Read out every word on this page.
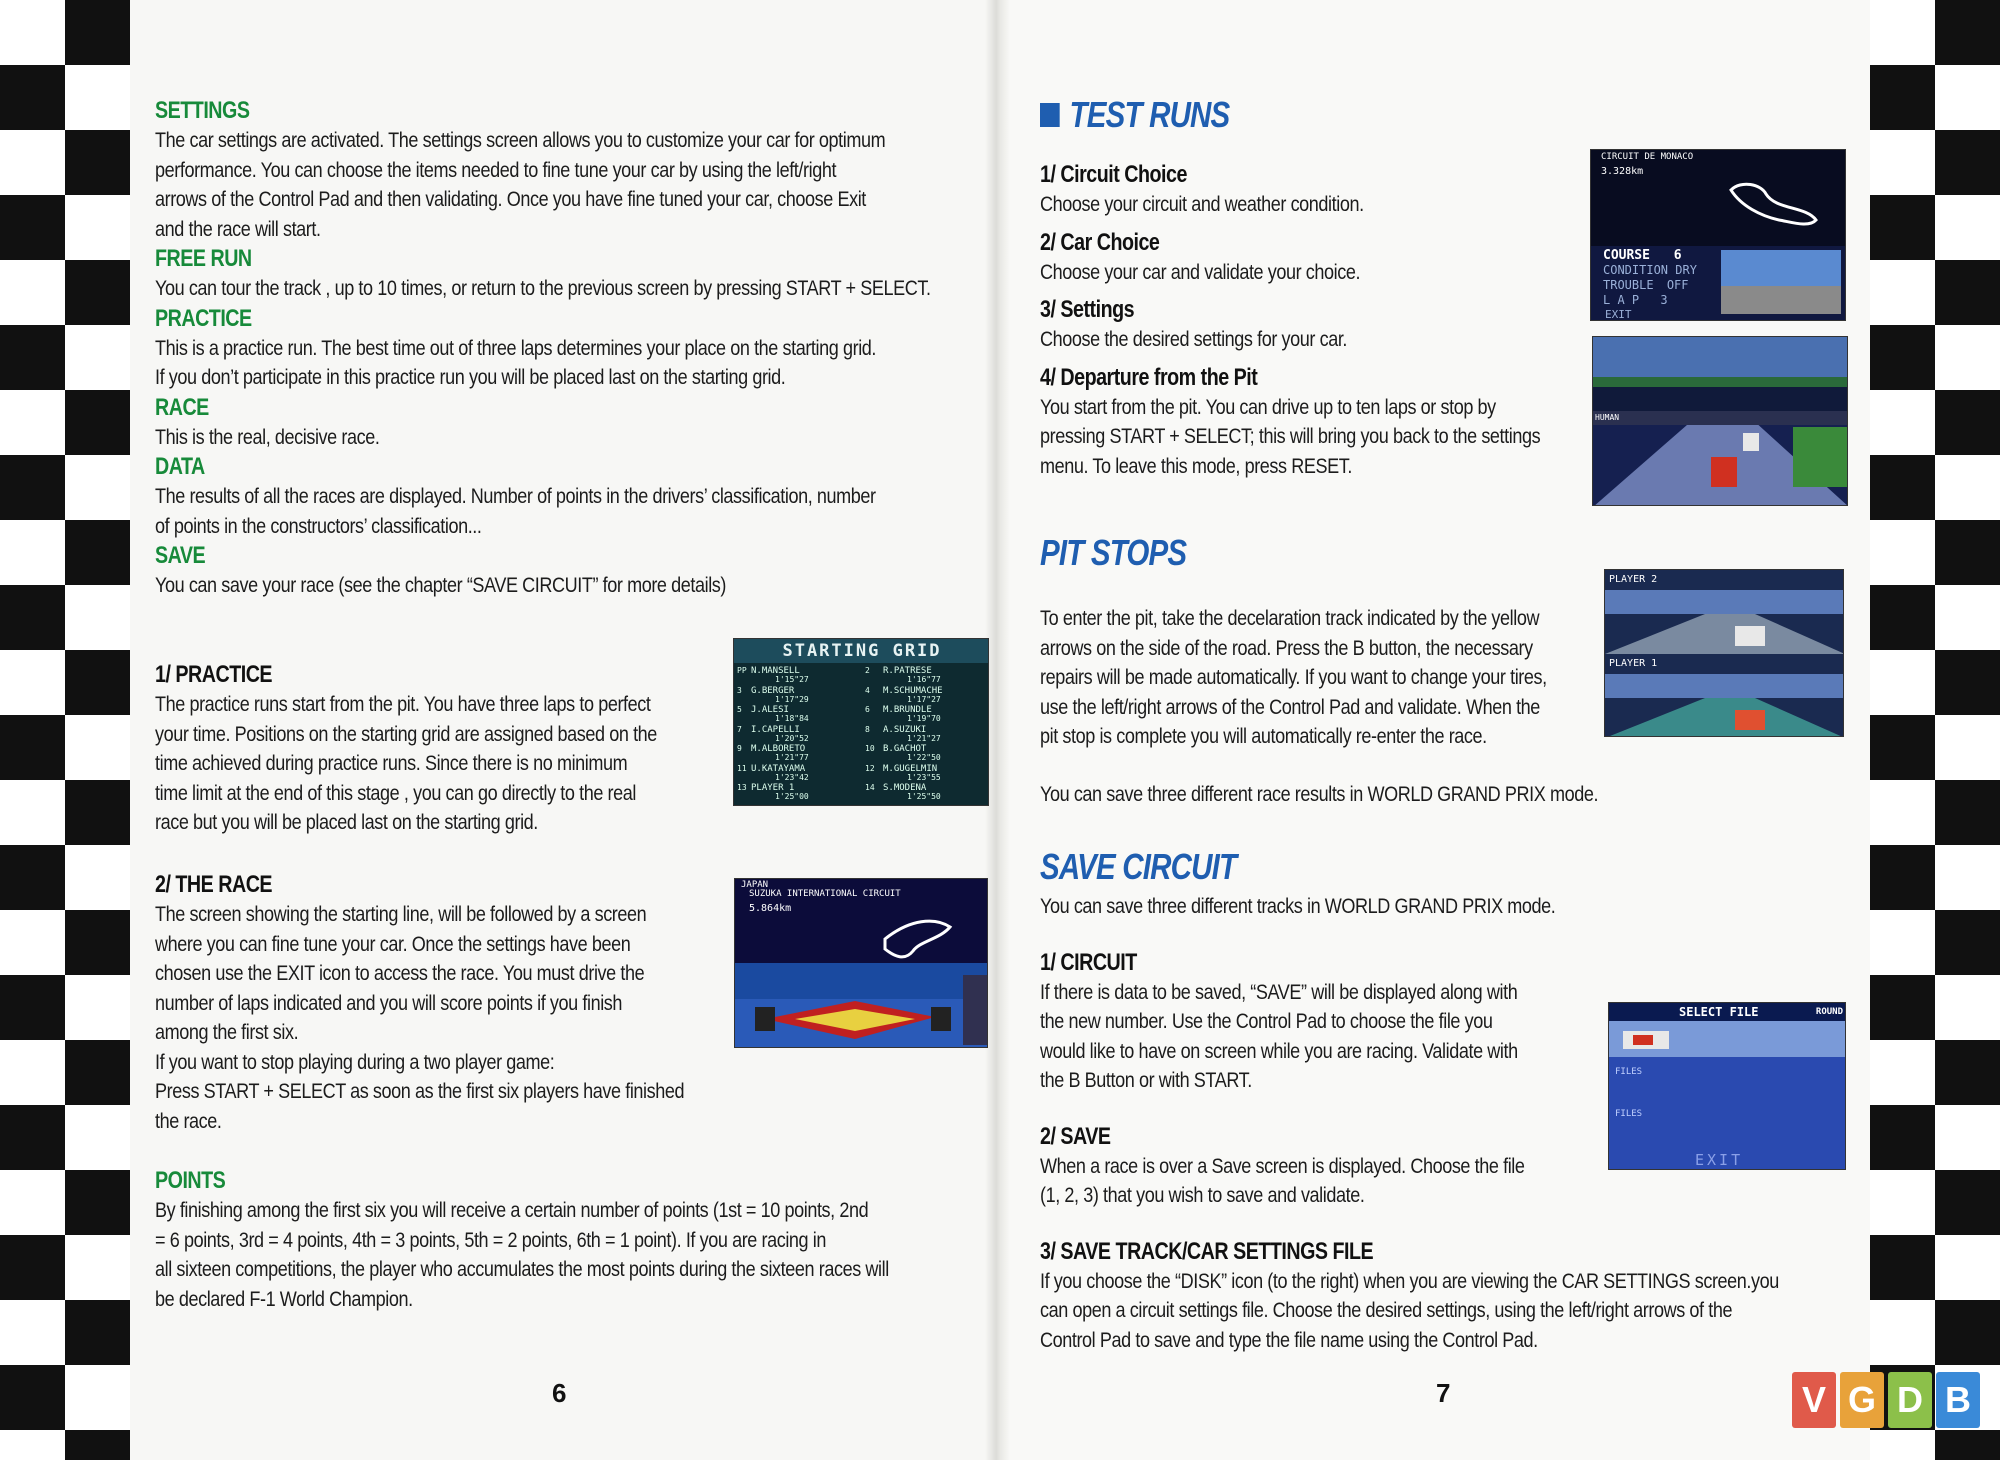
SETTINGS
The car settings are activated. The settings screen allows you to customize your car for optimum
performance. You can choose the items needed to fine tune your car by using the left/right
arrows of the Control Pad and then validating. Once you have fine tuned your car, choose Exit
and the race will start.
FREE RUN
You can tour the track , up to 10 times, or return to the previous screen by pressing START + SELECT.
PRACTICE
This is a practice run. The best time out of three laps determines your place on the starting grid.
If you don’t participate in this practice run you will be placed last on the starting grid.
RACE
This is the real, decisive race.
DATA
The results of all the races are displayed. Number of points in the drivers’ classification, number
of points in the constructors’ classification...
SAVE
You can save your race (see the chapter “SAVE CIRCUIT” for more details)
1/ PRACTICE
The practice runs start from the pit. You have three laps to perfect
your time. Positions on the starting grid are assigned based on the
time achieved during practice runs. Since there is no minimum
time limit at the end of this stage , you can go directly to the real
race but you will be placed last on the starting grid.
2/ THE RACE
The screen showing the starting line, will be followed by a screen
where you can fine tune your car. Once the settings have been
chosen use the EXIT icon to access the race. You must drive the
number of laps indicated and you will score points if you finish
among the first six.
If you want to stop playing during a two player game:
Press START + SELECT as soon as the first six players have finished
the race.
POINTS
By finishing among the first six you will receive a certain number of points (1st = 10 points, 2nd
= 6 points, 3rd = 4 points, 4th = 3 points, 5th = 2 points, 6th = 1 point). If you are racing in
all sixteen competitions, the player who accumulates the most points during the sixteen races will
be declared F-1 World Champion.
6
STARTING GRID
PP N.MANSELL
1'15"27
2 R.PATRESE
1'16"77
3 G.BERGER
1'17"29
4 M.SCHUMACHE
1'17"27
5 J.ALESI
1'18"84
6 M.BRUNDLE
1'19"70
7 I.CAPELLI
1'20"52
8 A.SUZUKI
1'21"27
9 M.ALBORETO
1'21"77
10 B.GACHOT
1'22"50
11 U.KATAYAMA
1'23"42
12 M.GUGELMIN
1'23"55
13 PLAYER 1
1'25"00
14 S.MODENA
1'25"50
JAPAN
SUZUKA INTERNATIONAL CIRCUIT
5.864km
TEST RUNS
1/ Circuit Choice
Choose your circuit and weather condition.
2/ Car Choice
Choose your car and validate your choice.
3/ Settings
Choose the desired settings for your car.
4/ Departure from the Pit
You start from the pit. You can drive up to ten laps or stop by
pressing START + SELECT; this will bring you back to the settings
menu. To leave this mode, press RESET.
PIT STOPS
To enter the pit, take the decelaration track indicated by the yellow
arrows on the side of the road. Press the B button, the necessary
repairs will be made automatically. If you want to change your tires,
use the left/right arrows of the Control Pad and validate. When the
pit stop is complete you will automatically re-enter the race.
You can save three different race results in WORLD GRAND PRIX mode.
SAVE CIRCUIT
You can save three different tracks in WORLD GRAND PRIX mode.
1/ CIRCUIT
If there is data to be saved, “SAVE” will be displayed along with
the new number. Use the Control Pad to choose the file you
would like to have on screen while you are racing. Validate with
the B Button or with START.
2/ SAVE
When a race is over a Save screen is displayed. Choose the file
(1, 2, 3) that you wish to save and validate.
3/ SAVE TRACK/CAR SETTINGS FILE
If you choose the “DISK” icon (to the right) when you are viewing the CAR SETTINGS screen.you
can open a circuit settings file. Choose the desired settings, using the left/right arrows of the
Control Pad to save and type the file name using the Control Pad.
7
CIRCUIT DE MONACO
3.328km
COURSE 6
CONDITION DRY
TROUBLE OFF
L A P 3
EXIT
HUMAN
PLAYER 2
PLAYER 1
SELECT FILE	ROUND
FILES
FILES
EXIT
V G D B
